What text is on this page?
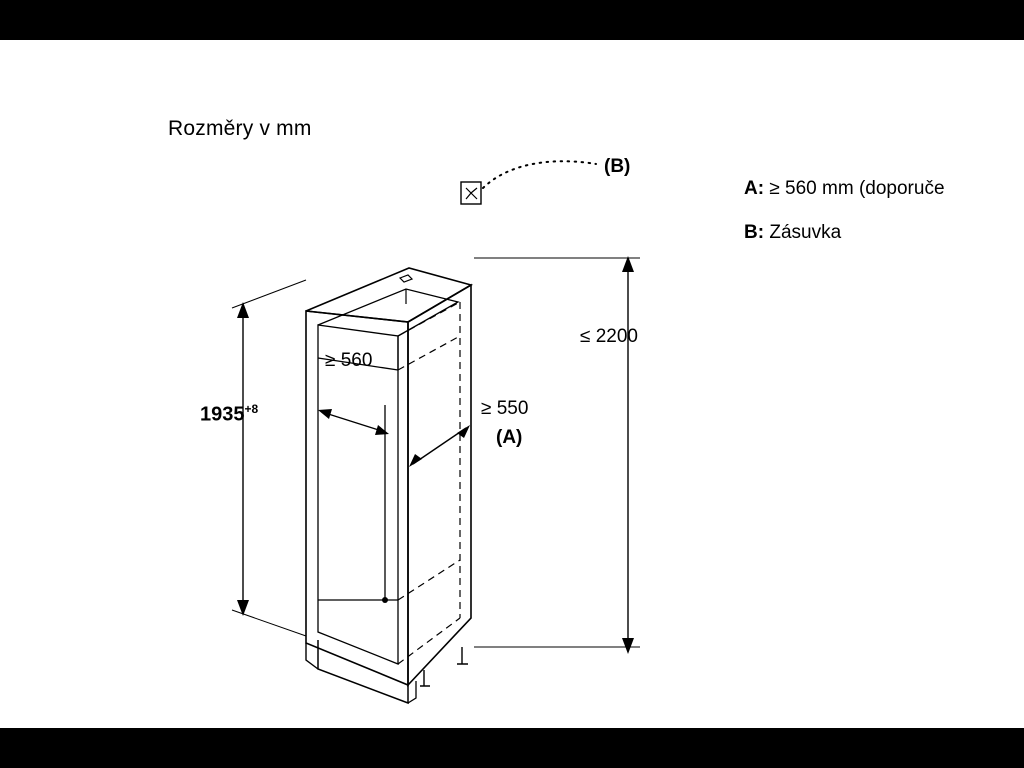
Rozměry v mm
$1935^{+8}$
≥ 560
≥ 550
(A)
≤ 2200
(B)
A: ≥ 560 mm (doporuče
B: Zásuvka
